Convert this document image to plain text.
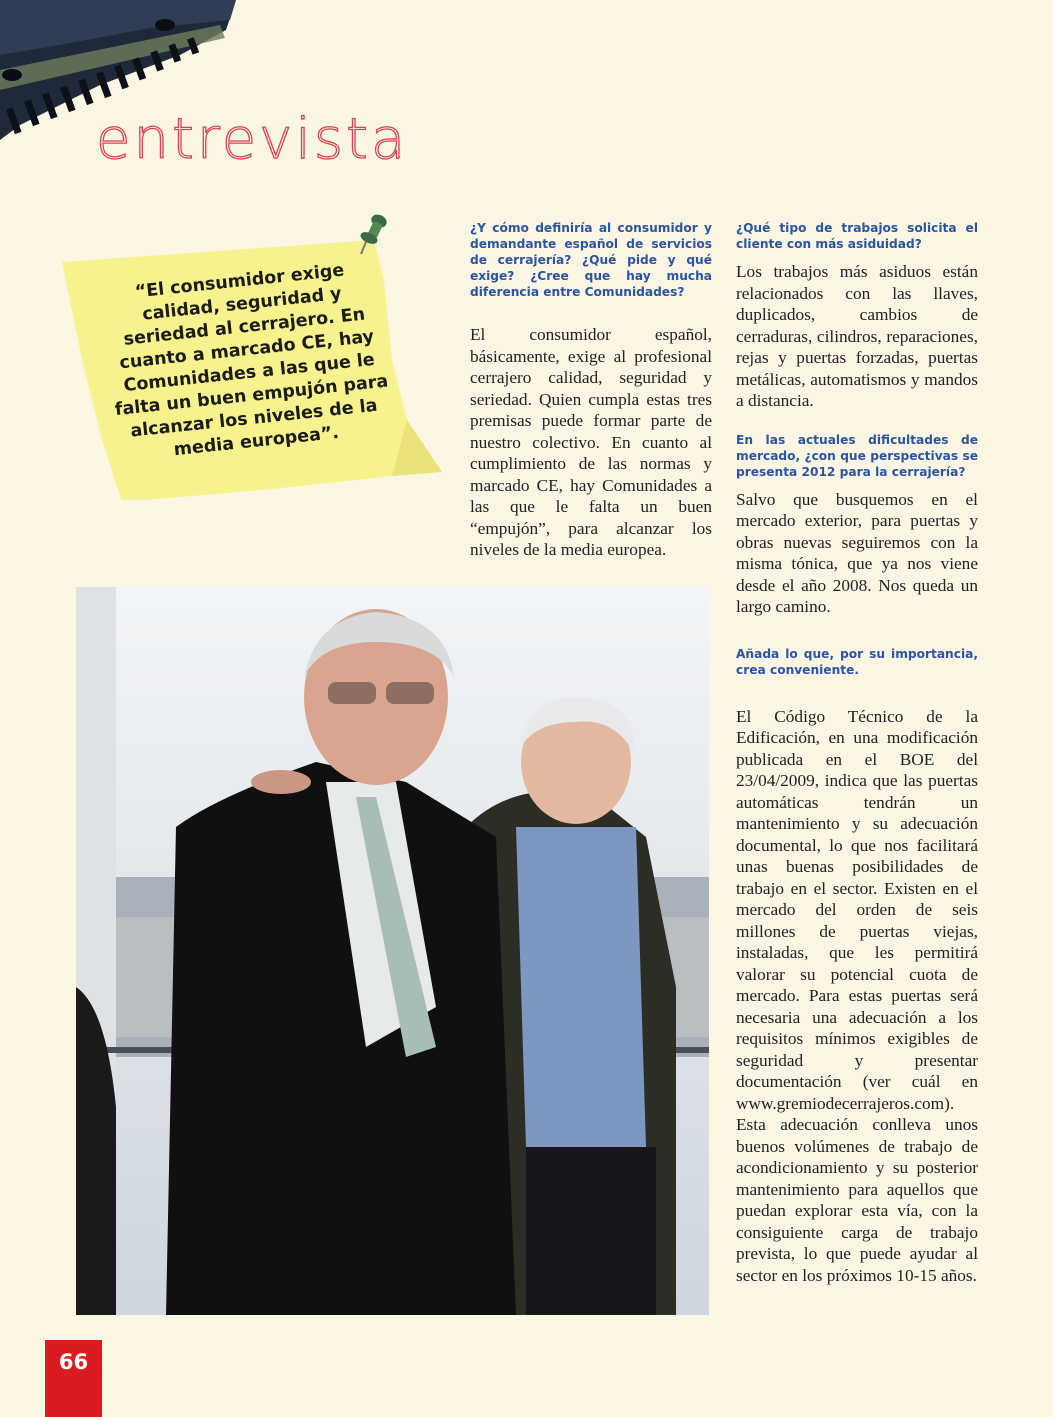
entrevista
“El consumidor exige calidad, seguridad y seriedad al cerrajero. En cuanto a marcado CE, hay Comunidades a las que le falta un buen empujón para alcanzar los niveles de la media europea”.

¿Y cómo definiría al consumidor y demandante español de servicios de cerrajería? ¿Qué pide y qué exige? ¿Cree que hay mucha diferencia entre Comunidades?

El consumidor español, básicamente, exige al profesional cerrajero calidad, seguridad y seriedad. Quien cumpla estas tres premisas puede formar parte de nuestro colectivo. En cuanto al cumplimiento de las normas y marcado CE, hay Comunidades a las que le falta un buen “empujón”, para alcanzar los niveles de la media europea.

¿Qué tipo de trabajos solicita el cliente con más asiduidad?

Los trabajos más asiduos están relacionados con las llaves, duplicados, cambios de cerraduras, cilindros, reparaciones, rejas y puertas forzadas, puertas metálicas, automatismos y mandos a distancia.

En las actuales dificultades de mercado, ¿con que perspectivas se presenta 2012 para la cerrajería?

Salvo que busquemos en el mercado exterior, para puertas y obras nuevas seguiremos con la misma tónica, que ya nos viene desde el año 2008. Nos queda un largo camino.

Añada lo que, por su importancia, crea conveniente.

El Código Técnico de la Edificación, en una modificación publicada en el BOE del 23/04/2009, indica que las puertas automáticas tendrán un mantenimiento y su adecuación documental, lo que nos facilitará unas buenas posibilidades de trabajo en el sector. Existen en el mercado del orden de seis millones de puertas viejas, instaladas, que les permitirá valorar su potencial cuota de mercado. Para estas puertas será necesaria una adecuación a los requisitos mínimos exigibles de seguridad y presentar documentación (ver cuál en www.gremiodecerrajeros.com). Esta adecuación conlleva unos buenos volúmenes de trabajo de acondicionamiento y su posterior mantenimiento para aquellos que puedan explorar esta vía, con la consiguiente carga de trabajo prevista, lo que puede ayudar al sector en los próximos 10-15 años.

66
